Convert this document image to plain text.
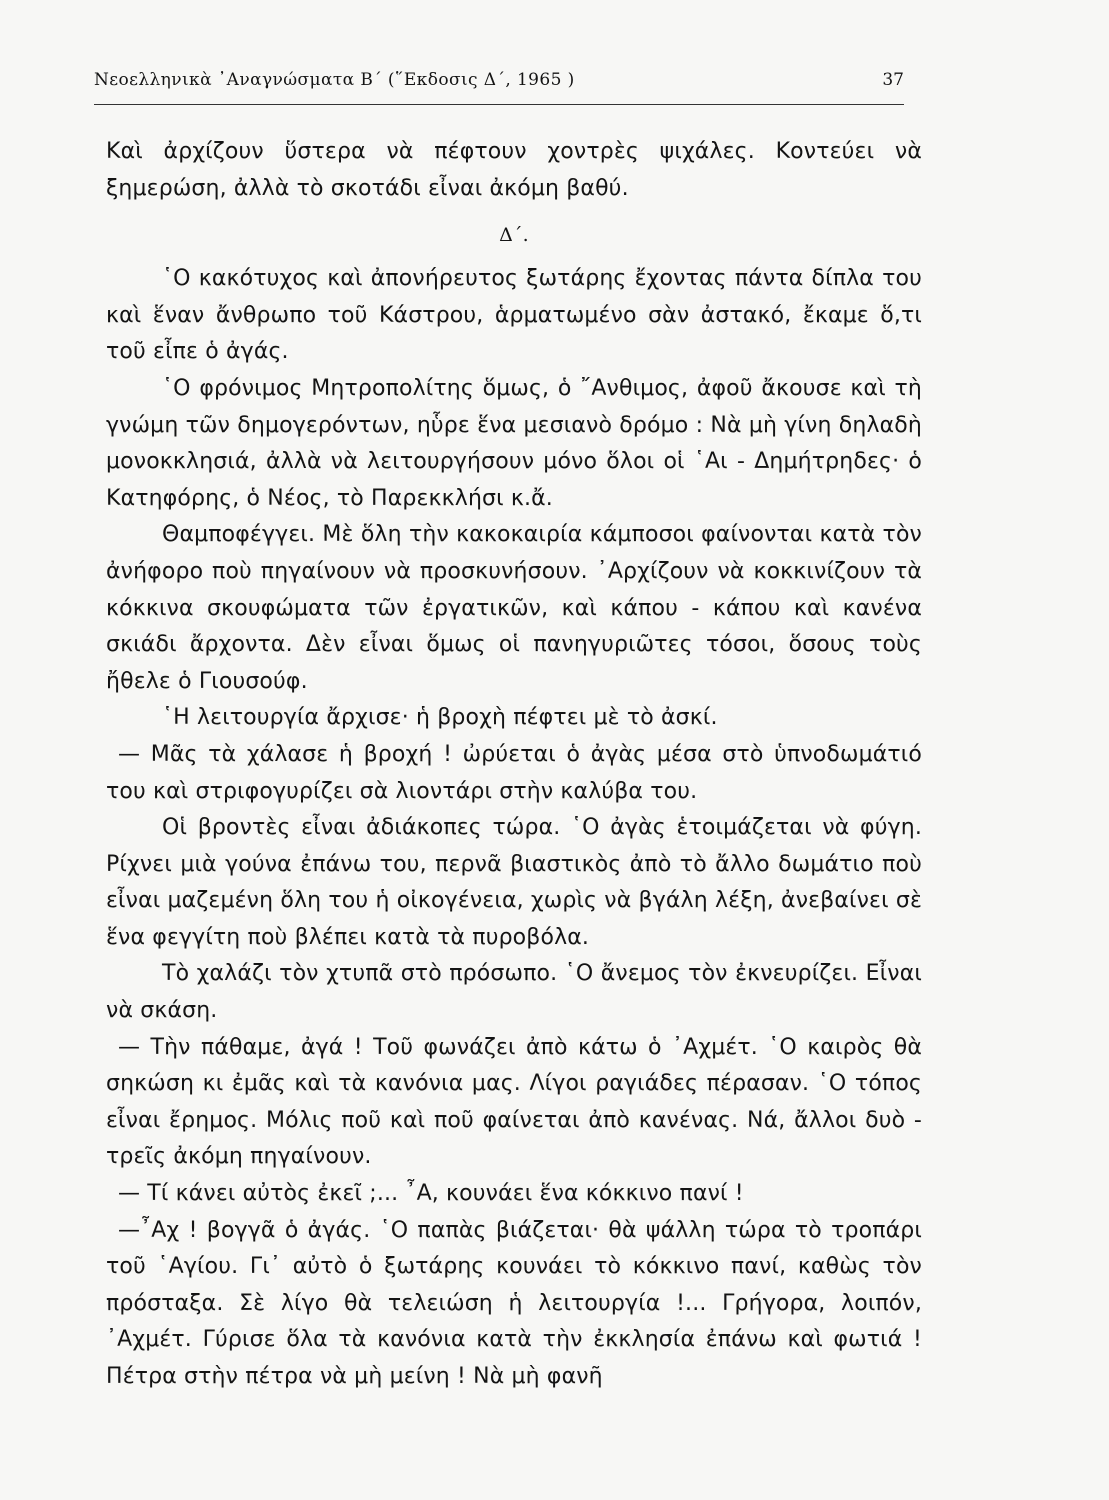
Νεοελληνικὰ ᾽Αναγνώσματα Β΄ (῞Εκδοσις Δ΄, 1965 )	37

Καὶ ἀρχίζουν ὕστερα νὰ πέφτουν χοντρὲς ψιχάλες. Κοντεύει νὰ ξημερώση, ἀλλὰ τὸ σκοτάδι εἶναι ἀκόμη βαθύ.

Δ΄.

῾Ο κακότυχος καὶ ἀπονήρευτος ξωτάρης ἔχοντας πάντα δίπλα του καὶ ἕναν ἄνθρωπο τοῦ Κάστρου, ἁρματωμένο σὰν ἀστακό, ἔκαμε ὅ,τι τοῦ εἶπε ὁ ἀγάς.

῾Ο φρόνιμος Μητροπολίτης ὅμως, ὁ ῎Ανθιμος, ἀφοῦ ἄκουσε καὶ τὴ γνώμη τῶν δημογερόντων, ηὗρε ἕνα μεσιανὸ δρόμο : Νὰ μὴ γίνη δηλαδὴ μονοκκλησιά, ἀλλὰ νὰ λειτουργήσουν μόνο ὅλοι οἱ ῾Αι - Δημήτρηδες· ὁ Κατηφόρης, ὁ Νέος, τὸ Παρεκκλήσι κ.ἄ.

Θαμποφέγγει. Μὲ ὅλη τὴν κακοκαιρία κάμποσοι φαίνονται κατὰ τὸν ἀνήφορο ποὺ πηγαίνουν νὰ προσκυνήσουν. ᾽Αρχίζουν νὰ κοκκινίζουν τὰ κόκκινα σκουφώματα τῶν ἐργατικῶν, καὶ κάπου - κάπου καὶ κανένα σκιάδι ἄρχοντα. Δὲν εἶναι ὅμως οἱ πανηγυριῶτες τόσοι, ὅσους τοὺς ἤθελε ὁ Γιουσούφ.

῾Η λειτουργία ἄρχισε· ἡ βροχὴ πέφτει μὲ τὸ ἀσκί.

— Μᾶς τὰ χάλασε ἡ βροχή ! ὠρύεται ὁ ἀγὰς μέσα στὸ ὑπνοδωμάτιό του καὶ στριφογυρίζει σὰ λιοντάρι στὴν καλύβα του.

Οἱ βροντὲς εἶναι ἀδιάκοπες τώρα. ῾Ο ἀγὰς ἑτοιμάζεται νὰ φύγη. Ρίχνει μιὰ γούνα ἐπάνω του, περνᾶ βιαστικὸς ἀπὸ τὸ ἄλλο δωμάτιο ποὺ εἶναι μαζεμένη ὅλη του ἡ οἰκογένεια, χωρὶς νὰ βγάλη λέξη, ἀνεβαίνει σὲ ἕνα φεγγίτη ποὺ βλέπει κατὰ τὰ πυροβόλα.

Τὸ χαλάζι τὸν χτυπᾶ στὸ πρόσωπο. ῾Ο ἄνεμος τὸν ἐκνευρίζει. Εἶναι νὰ σκάση.

— Τὴν πάθαμε, ἀγά ! Τοῦ φωνάζει ἀπὸ κάτω ὁ ᾽Αχμέτ. ῾Ο καιρὸς θὰ σηκώση κι ἐμᾶς καὶ τὰ κανόνια μας. Λίγοι ραγιάδες πέρασαν. ῾Ο τόπος εἶναι ἔρημος. Μόλις ποῦ καὶ ποῦ φαίνεται ἀπὸ κανένας. Νά, ἄλλοι δυὸ - τρεῖς ἀκόμη πηγαίνουν.

— Τί κάνει αὐτὸς ἐκεῖ ;... ῏Α, κουνάει ἕνα κόκκινο πανί !

—῏Αχ ! βογγᾶ ὁ ἀγάς. ῾Ο παπὰς βιάζεται· θὰ ψάλλη τώρα τὸ τροπάρι τοῦ ῾Αγίου. Γι᾽ αὐτὸ ὁ ξωτάρης κουνάει τὸ κόκκινο πανί, καθὼς τὸν πρόσταξα. Σὲ λίγο θὰ τελειώση ἡ λειτουργία !... Γρήγορα, λοιπόν, ᾽Αχμέτ. Γύρισε ὅλα τὰ κανόνια κατὰ τὴν ἐκκλησία ἐπάνω καὶ φωτιά ! Πέτρα στὴν πέτρα νὰ μὴ μείνη ! Νὰ μὴ φανῆ
